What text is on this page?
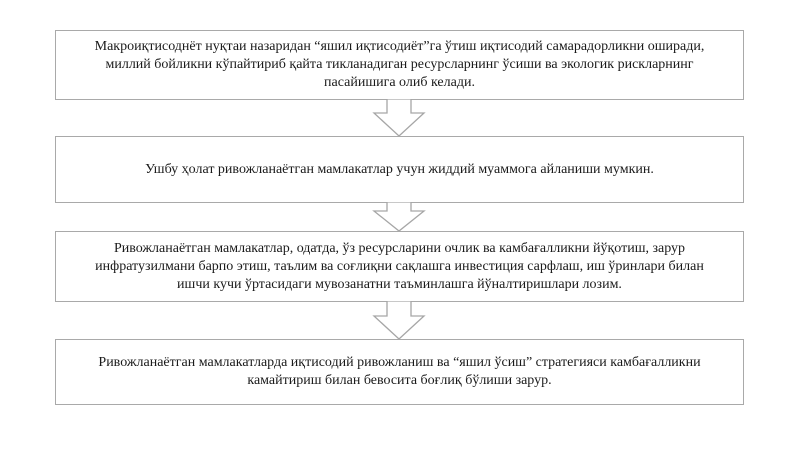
Макроиқтисоднёт нуқтаи назаридан “яшил иқтисодиёт”га ўтиш иқтисодий самарадорликни оширади, миллий бойликни кўпайтириб қайта тикланадиган ресурсларнинг ўсиши ва экологик рискларнинг пасайишига олиб келади.
Ушбу ҳолат ривожланаётган мамлакатлар учун жиддий муаммога айланиши мумкин.
Ривожланаётган мамлакатлар, одатда, ўз ресурсларини очлик ва камбағалликни йўқотиш, зарур инфратузилмани барпо этиш, таълим ва соғлиқни сақлашга инвестиция сарфлаш, иш ўринлари билан ишчи кучи ўртасидаги мувозанатни таъминлашга йўналтиришлари лозим.
Ривожланаётган мамлакатларда иқтисодий ривожланиш ва “яшил ўсиш” стратегияси камбағалликни камайтириш билан бевосита боғлиқ бўлиши зарур.
